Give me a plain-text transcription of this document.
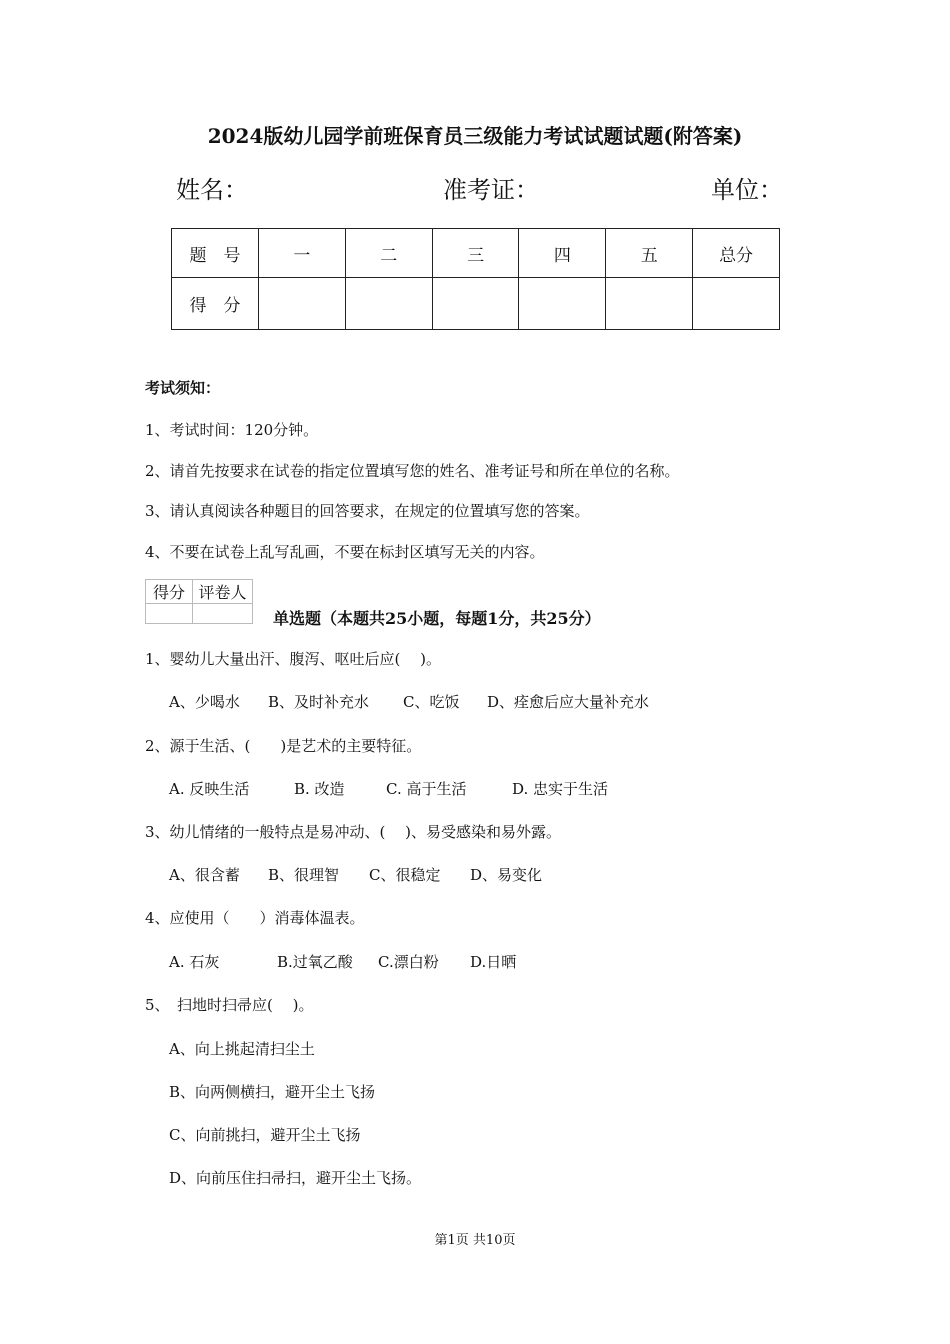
2024版幼儿园学前班保育员三级能力考试试题试题(附答案)
姓名：	准考证：	单位：
题　号	一	二	三	四	五	总分
得　分						
考试须知：
1、考试时间：120分钟。
2、请首先按要求在试卷的指定位置填写您的姓名、准考证号和所在单位的名称。
3、请认真阅读各种题目的回答要求，在规定的位置填写您的答案。
4、不要在试卷上乱写乱画，不要在标封区填写无关的内容。
得分	评卷人

单选题（本题共25小题，每题1分，共25分）
1、婴幼儿大量出汗、腹泻、呕吐后应(　 )。
A、少喝水 B、及时补充水 C、吃饭 D、痊愈后应大量补充水
2、源于生活、(　　)是艺术的主要特征。
A. 反映生活	B. 改造	C. 高于生活	D. 忠实于生活
3、幼儿情绪的一般特点是易冲动、(　 )、易受感染和易外露。
A、很含蓄 B、很理智 C、很稳定 D、易变化
4、应使用（　　）消毒体温表。
A. 石灰	B.过氧乙酸 C.漂白粉 D.日晒
5、　扫地时扫帚应(　 )。
A、向上挑起清扫尘土
B、向两侧横扫，避开尘土飞扬
C、向前挑扫，避开尘土飞扬
D、向前压住扫帚扫，避开尘土飞扬。
第1页 共10页
